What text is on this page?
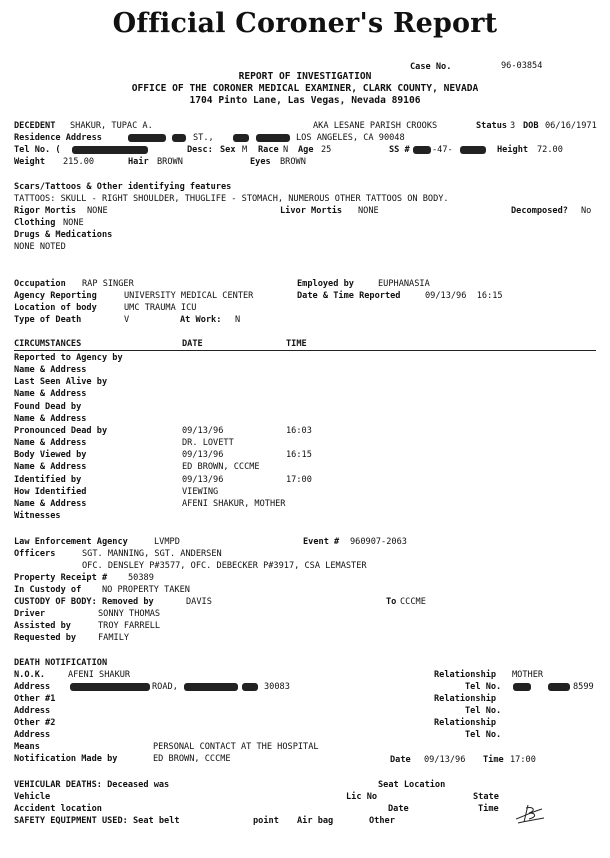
Official Coroner's Report
Case No.	96-03854
REPORT OF INVESTIGATION
OFFICE OF THE CORONER MEDICAL EXAMINER, CLARK COUNTY, NEVADA
1704 Pinto Lane, Las Vegas, Nevada 89106
DECEDENT SHAKUR, TUPAC A.	AKA LESANE PARISH CROOKS	Status 3 DOB 06/16/1971
Residence Address	ST.,	LOS ANGELES, CA 90048
Tel No. (	Desc: Sex M Race N Age 25	SS #	-47-	Height 72.00
Weight 215.00	Hair BROWN	Eyes BROWN
Scars/Tattoos & Other identifying features
TATTOOS: SKULL - RIGHT SHOULDER, THUGLIFE - STOMACH, NUMEROUS OTHER TATTOOS ON BODY.
Rigor Mortis NONE	Livor Mortis NONE	Decomposed? No
Clothing NONE
Drugs & Medications
NONE NOTED
Occupation RAP SINGER	Employed by	EUPHANASIA
Agency Reporting	UNIVERSITY MEDICAL CENTER	Date & Time Reported	09/13/96  16:15
Location of body	UMC TRAUMA ICU
Type of Death	V	At Work: N
CIRCUMSTANCES	DATE	TIME
Reported to Agency by
Name & Address
Last Seen Alive by
Name & Address
Found Dead by
Name & Address
Pronounced Dead by	09/13/96	16:03
Name & Address	DR. LOVETT
Body Viewed by	09/13/96	16:15
Name & Address	ED BROWN, CCCME
Identified by	09/13/96	17:00
How Identified	VIEWING
Name & Address	AFENI SHAKUR, MOTHER
Witnesses
Law Enforcement Agency	LVMPD	Event # 960907-2063
Officers	SGT. MANNING, SGT. ANDERSEN
OFC. DENSLEY P#3577, OFC. DEBECKER P#3917, CSA LEMASTER
Property Receipt # 50389
In Custody of NO PROPERTY TAKEN
CUSTODY OF BODY: Removed by	DAVIS	To CCCME
Driver	SONNY THOMAS
Assisted by	TROY FARRELL
Requested by	FAMILY
DEATH NOTIFICATION
N.O.K.	AFENI SHAKUR	Relationship MOTHER
Address	ROAD,	30083	Tel No.	8599
Other #1	Relationship
Address	Tel No.
Other #2	Relationship
Address	Tel No.
Means	PERSONAL CONTACT AT THE HOSPITAL
Notification Made by	ED BROWN, CCCME	Date 09/13/96 Time 17:00
VEHICULAR DEATHS: Deceased was	Seat Location
Vehicle	Lic No	State
Accident location	Date	Time
SAFETY EQUIPMENT USED: Seat belt	point Air bag	Other
